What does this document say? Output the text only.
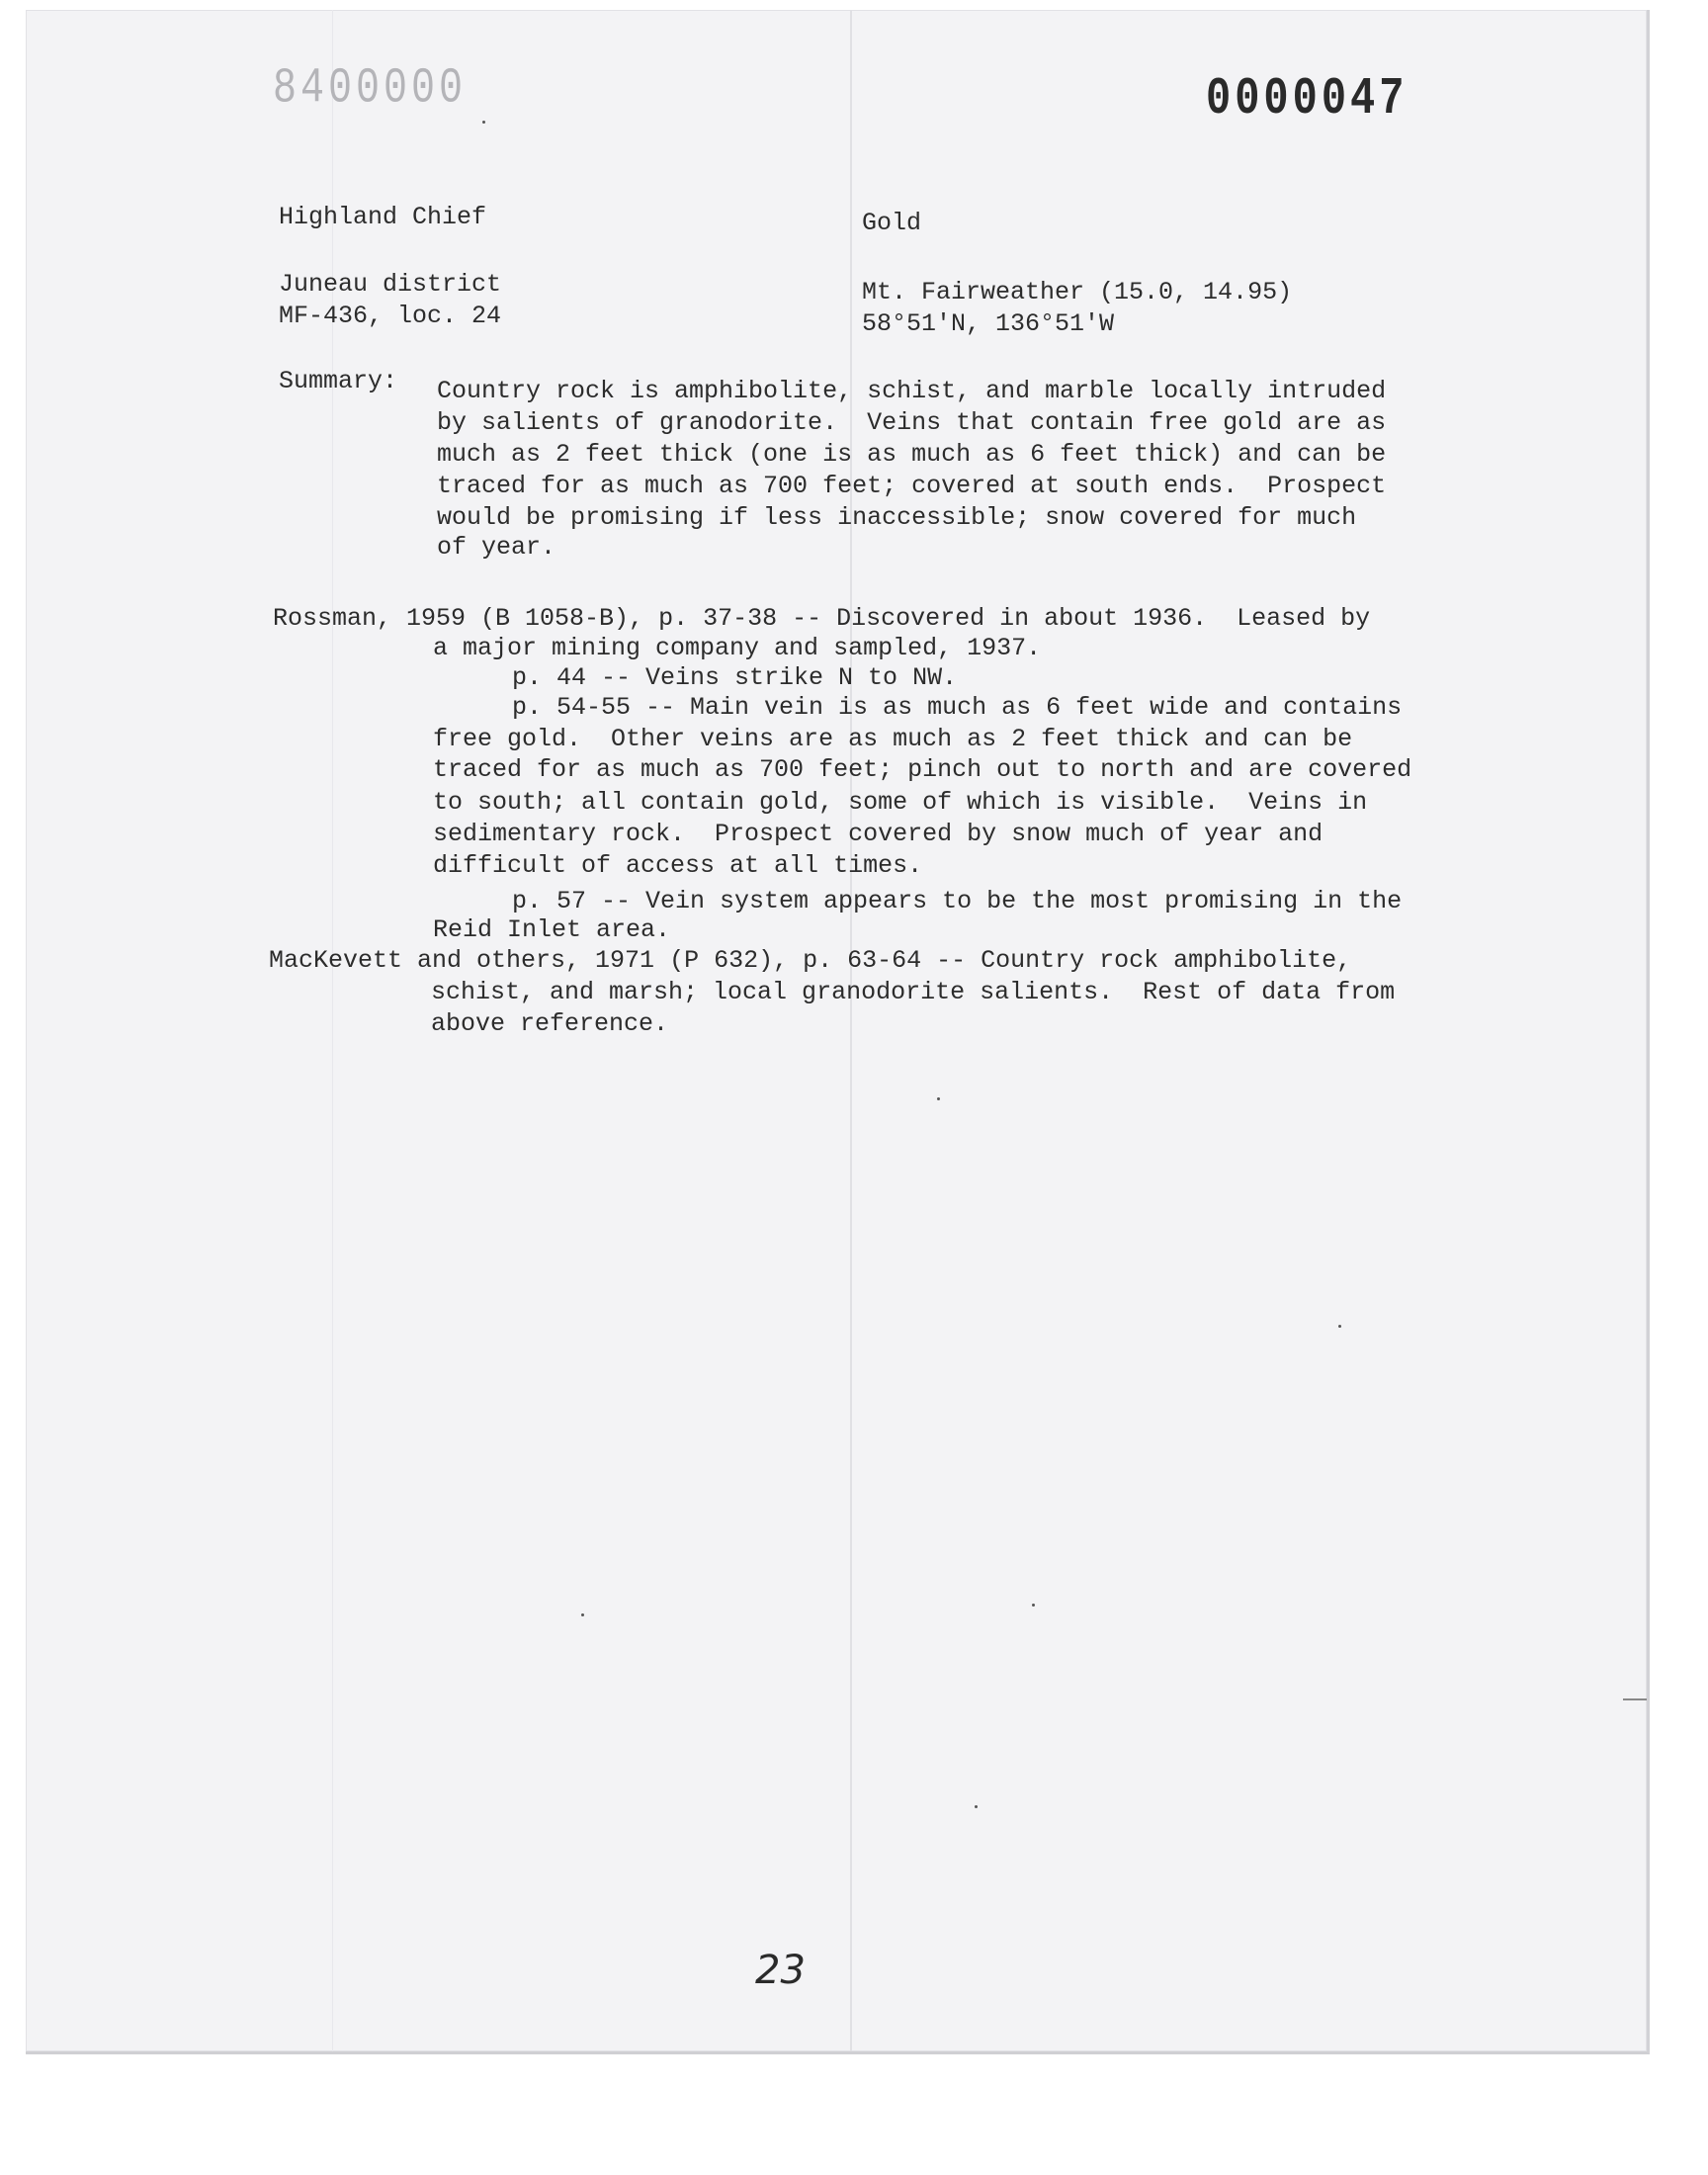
8400000	0000047
Highland Chief	Gold
Juneau district
MF-436, loc. 24
Mt. Fairweather (15.0, 14.95)
58°51'N, 136°51'W
Summary: Country rock is amphibolite, schist, and marble locally intruded
by salients of granodorite.  Veins that contain free gold are as
much as 2 feet thick (one is as much as 6 feet thick) and can be
traced for as much as 700 feet; covered at south ends.  Prospect
would be promising if less inaccessible; snow covered for much
of year.
Rossman, 1959 (B 1058-B), p. 37-38 -- Discovered in about 1936.  Leased by
a major mining company and sampled, 1937.
p. 44 -- Veins strike N to NW.
p. 54-55 -- Main vein is as much as 6 feet wide and contains
free gold.  Other veins are as much as 2 feet thick and can be
traced for as much as 700 feet; pinch out to north and are covered
to south; all contain gold, some of which is visible.  Veins in
sedimentary rock.  Prospect covered by snow much of year and
difficult of access at all times.
p. 57 -- Vein system appears to be the most promising in the
Reid Inlet area.
MacKevett and others, 1971 (P 632), p. 63-64 -- Country rock amphibolite,
schist, and marsh; local granodorite salients.  Rest of data from
above reference.
23
